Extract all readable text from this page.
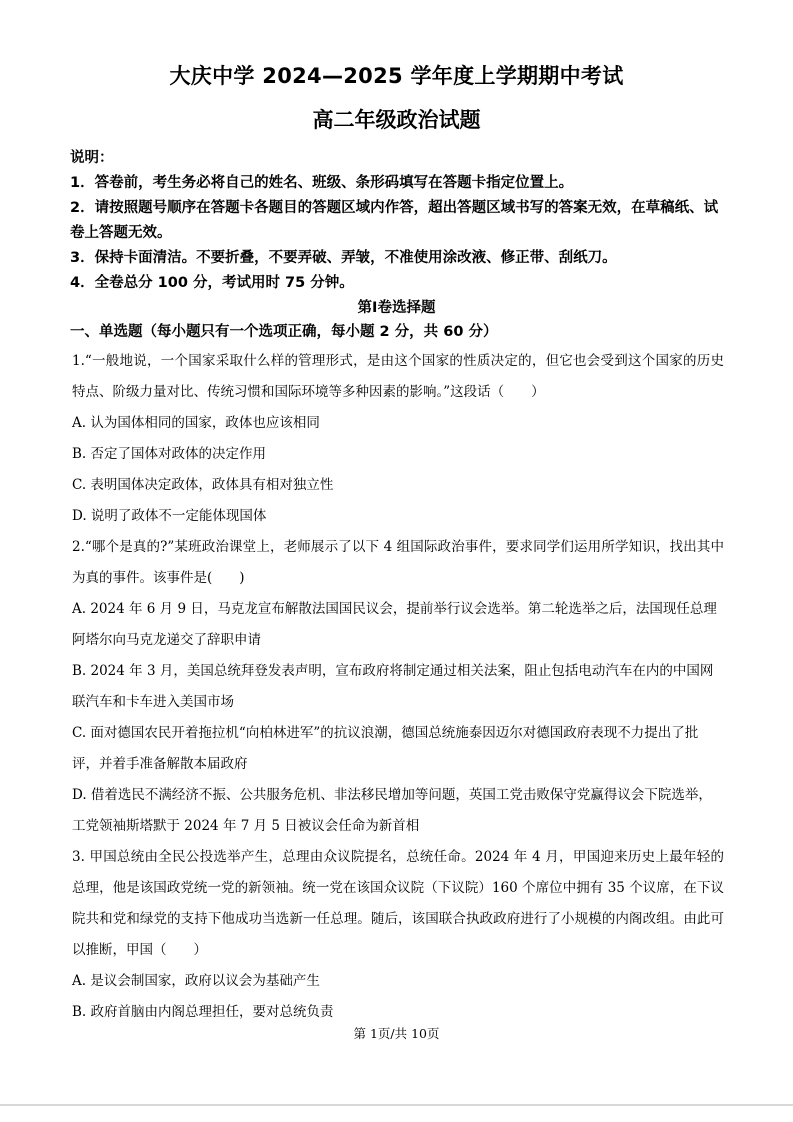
大庆中学 2024—2025 学年度上学期期中考试
高二年级政治试题
说明：
1．答卷前，考生务必将自己的姓名、班级、条形码填写在答题卡指定位置上。
2．请按照题号顺序在答题卡各题目的答题区域内作答，超出答题区域书写的答案无效，在草稿纸、试卷上答题无效。
3．保持卡面清洁。不要折叠，不要弄破、弄皱，不准使用涂改液、修正带、刮纸刀。
4．全卷总分 100 分，考试用时 75 分钟。
第Ⅰ卷选择题
一、单选题（每小题只有一个选项正确，每小题 2 分，共 60 分）
1.“一般地说，一个国家采取什么样的管理形式，是由这个国家的性质决定的，但它也会受到这个国家的历史特点、阶级力量对比、传统习惯和国际环境等多种因素的影响。”这段话（　　）
A. 认为国体相同的国家，政体也应该相同
B. 否定了国体对政体的决定作用
C. 表明国体决定政体，政体具有相对独立性
D. 说明了政体不一定能体现国体
2.“哪个是真的?”某班政治课堂上，老师展示了以下 4 组国际政治事件，要求同学们运用所学知识，找出其中为真的事件。该事件是(　　)
A. 2024 年 6 月 9 日，马克龙宣布解散法国国民议会，提前举行议会选举。第二轮选举之后，法国现任总理阿塔尔向马克龙递交了辞职申请
B. 2024 年 3 月，美国总统拜登发表声明，宣布政府将制定通过相关法案，阻止包括电动汽车在内的中国网联汽车和卡车进入美国市场
C. 面对德国农民开着拖拉机“向柏林进军”的抗议浪潮，德国总统施泰因迈尔对德国政府表现不力提出了批评，并着手准备解散本届政府
D. 借着选民不满经济不振、公共服务危机、非法移民增加等问题，英国工党击败保守党赢得议会下院选举，工党领袖斯塔默于 2024 年 7 月 5 日被议会任命为新首相
3. 甲国总统由全民公投选举产生，总理由众议院提名，总统任命。2024 年 4 月，甲国迎来历史上最年轻的总理，他是该国政党统一党的新领袖。统一党在该国众议院（下议院）160 个席位中拥有 35 个议席，在下议院共和党和绿党的支持下他成功当选新一任总理。随后，该国联合执政政府进行了小规模的内阁改组。由此可以推断，甲国（　　）
A. 是议会制国家，政府以议会为基础产生
B. 政府首脑由内阁总理担任，要对总统负责
第 1页/共 10页
